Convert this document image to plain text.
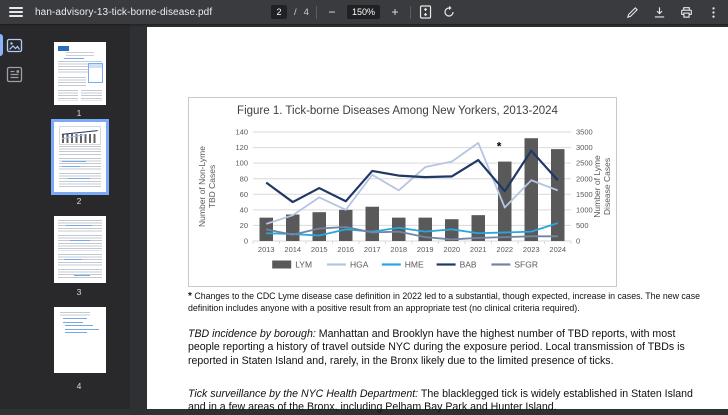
han-advisory-13-tick-borne-disease.pdf	2	/ 4	−	150%	+
1
2
3
4
0
20
40
60
80
100
120
140
0
500
1000
1500
2000
2500
3000
3500
2013 2014 2015 2016 2017 2018 2019 2020 2021 2022 2023 2024
*
Figure 1. Tick-borne Diseases Among New Yorkers, 2013-2024
Number of Non-LymeTBD Cases	Number of LymeDisease Cases
LYM	HGA	HME	BAB	SFGR
* Changes to the CDC Lyme disease case definition in 2022 led to a substantial, though expected, increase in cases. The new case definition includes anyone with a positive result from an appropriate test (no clinical criteria required).
TBD incidence by borough: Manhattan and Brooklyn have the highest number of TBD reports, with most people reporting a history of travel outside NYC during the exposure period. Local transmission of TBDs is reported in Staten Island and, rarely, in the Bronx likely due to the limited presence of ticks.
Tick surveillance by the NYC Health Department: The blacklegged tick is widely established in Staten Island and in a few areas of the Bronx, including Pelham Bay Park and Hunter Island.
